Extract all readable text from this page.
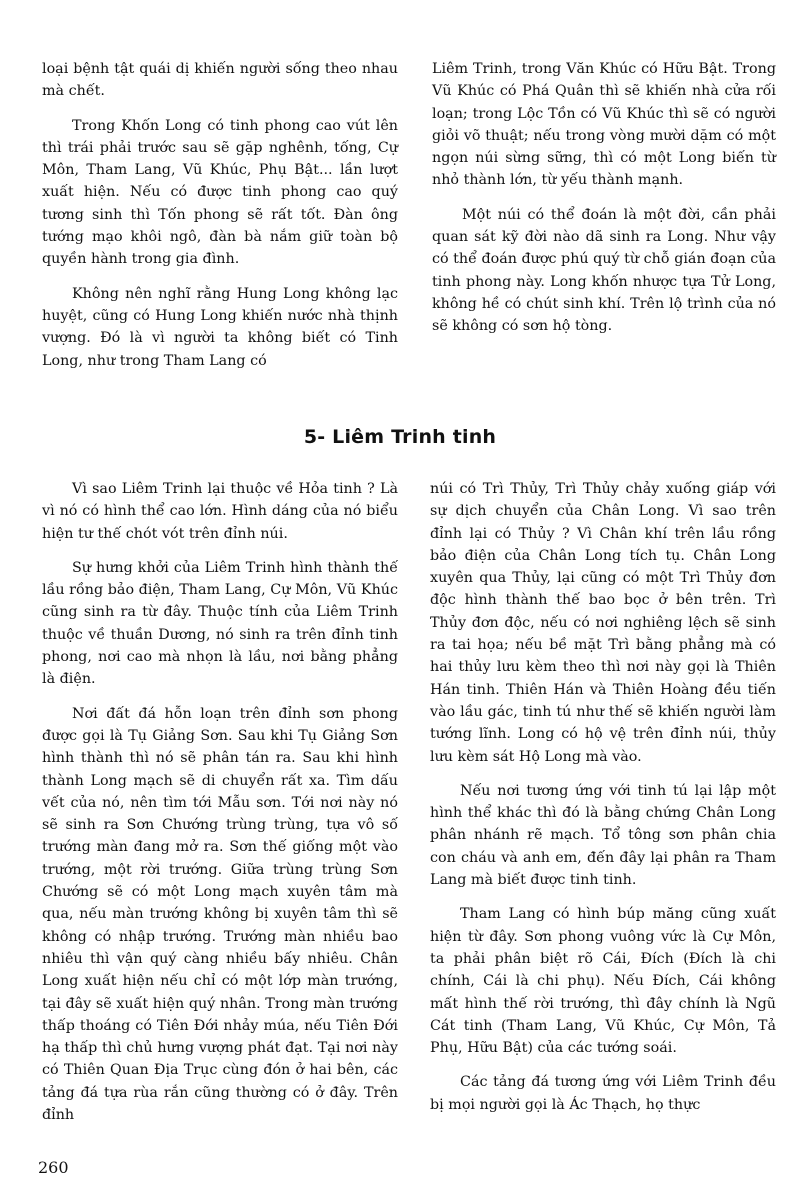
loại bệnh tật quái dị khiến người sống theo nhau mà chết.

Trong Khốn Long có tinh phong cao vút lên thì trái phải trước sau sẽ gặp nghênh, tống, Cự Môn, Tham Lang, Vũ Khúc, Phụ Bật... lần lượt xuất hiện. Nếu có được tinh phong cao quý tương sinh thì Tốn phong sẽ rất tốt. Đàn ông tướng mạo khôi ngô, đàn bà nắm giữ toàn bộ quyền hành trong gia đình.

Không nên nghĩ rằng Hung Long không lạc huyệt, cũng có Hung Long khiến nước nhà thịnh vượng. Đó là vì người ta không biết có Tinh Long, như trong Tham Lang có

Liêm Trinh, trong Văn Khúc có Hữu Bật. Trong Vũ Khúc có Phá Quân thì sẽ khiến nhà cửa rối loạn; trong Lộc Tồn có Vũ Khúc thì sẽ có người giỏi võ thuật; nếu trong vòng mười dặm có một ngọn núi sừng sững, thì có một Long biến từ nhỏ thành lớn, từ yếu thành mạnh.

Một núi có thể đoán là một đời, cần phải quan sát kỹ đời nào dã sinh ra Long. Như vậy có thể đoán được phú quý từ chỗ gián đoạn của tinh phong này. Long khốn nhược tựa Tử Long, không hề có chút sinh khí. Trên lộ trình của nó sẽ không có sơn hộ tòng.

5- Liêm Trinh tinh

Vì sao Liêm Trinh lại thuộc về Hỏa tinh ? Là vì nó có hình thể cao lớn. Hình dáng của nó biểu hiện tư thế chót vót trên đỉnh núi.

Sự hưng khởi của Liêm Trinh hình thành thế lầu rồng bảo điện, Tham Lang, Cự Môn, Vũ Khúc cũng sinh ra từ đây. Thuộc tính của Liêm Trinh thuộc về thuần Dương, nó sinh ra trên đỉnh tinh phong, nơi cao mà nhọn là lầu, nơi bằng phẳng là điện.

Nơi đất đá hỗn loạn trên đỉnh sơn phong được gọi là Tụ Giảng Sơn. Sau khi Tụ Giảng Sơn hình thành thì nó sẽ phân tán ra. Sau khi hình thành Long mạch sẽ di chuyển rất xa. Tìm dấu vết của nó, nên tìm tới Mẫu sơn. Tới nơi này nó sẽ sinh ra Sơn Chướng trùng trùng, tựa vô số trướng màn đang mở ra. Sơn thế giống một vào trướng, một rời trướng. Giữa trùng trùng Sơn Chướng sẽ có một Long mạch xuyên tâm mà qua, nếu màn trướng không bị xuyên tâm thì sẽ không có nhập trướng. Trướng màn nhiều bao nhiêu thì vận quý càng nhiều bấy nhiêu. Chân Long xuất hiện nếu chỉ có một lớp màn trướng, tại đây sẽ xuất hiện quý nhân. Trong màn trướng thấp thoáng có Tiên Đới nhảy múa, nếu Tiên Đới hạ thấp thì chủ hưng vượng phát đạt. Tại nơi này có Thiên Quan Địa Trục cùng đón ở hai bên, các tảng đá tựa rùa rắn cũng thường có ở đây. Trên đỉnh

núi có Trì Thủy, Trì Thủy chảy xuống giáp với sự dịch chuyển của Chân Long. Vì sao trên đỉnh lại có Thủy ? Vì Chân khí trên lầu rồng bảo điện của Chân Long tích tụ. Chân Long xuyên qua Thủy, lại cũng có một Trì Thủy đơn độc hình thành thế bao bọc ở bên trên. Trì Thủy đơn độc, nếu có nơi nghiêng lệch sẽ sinh ra tai họa; nếu bề mặt Trì bằng phẳng mà có hai thủy lưu kèm theo thì nơi này gọi là Thiên Hán tinh. Thiên Hán và Thiên Hoàng đều tiến vào lầu gác, tinh tú như thế sẽ khiến người làm tướng lĩnh. Long có hộ vệ trên đỉnh núi, thủy lưu kèm sát Hộ Long mà vào.

Nếu nơi tương ứng với tinh tú lại lập một hình thể khác thì đó là bằng chứng Chân Long phân nhánh rẽ mạch. Tổ tông sơn phân chia con cháu và anh em, đến đây lại phân ra Tham Lang mà biết được tinh tinh.

Tham Lang có hình búp măng cũng xuất hiện từ đây. Sơn phong vuông vức là Cự Môn, ta phải phân biệt rõ Cái, Đích (Đích là chi chính, Cái là chi phụ). Nếu Đích, Cái không mất hình thế rời trướng, thì đây chính là Ngũ Cát tinh (Tham Lang, Vũ Khúc, Cự Môn, Tả Phụ, Hữu Bật) của các tướng soái.

Các tảng đá tương ứng với Liêm Trinh đều bị mọi người gọi là Ác Thạch, họ thực

260
